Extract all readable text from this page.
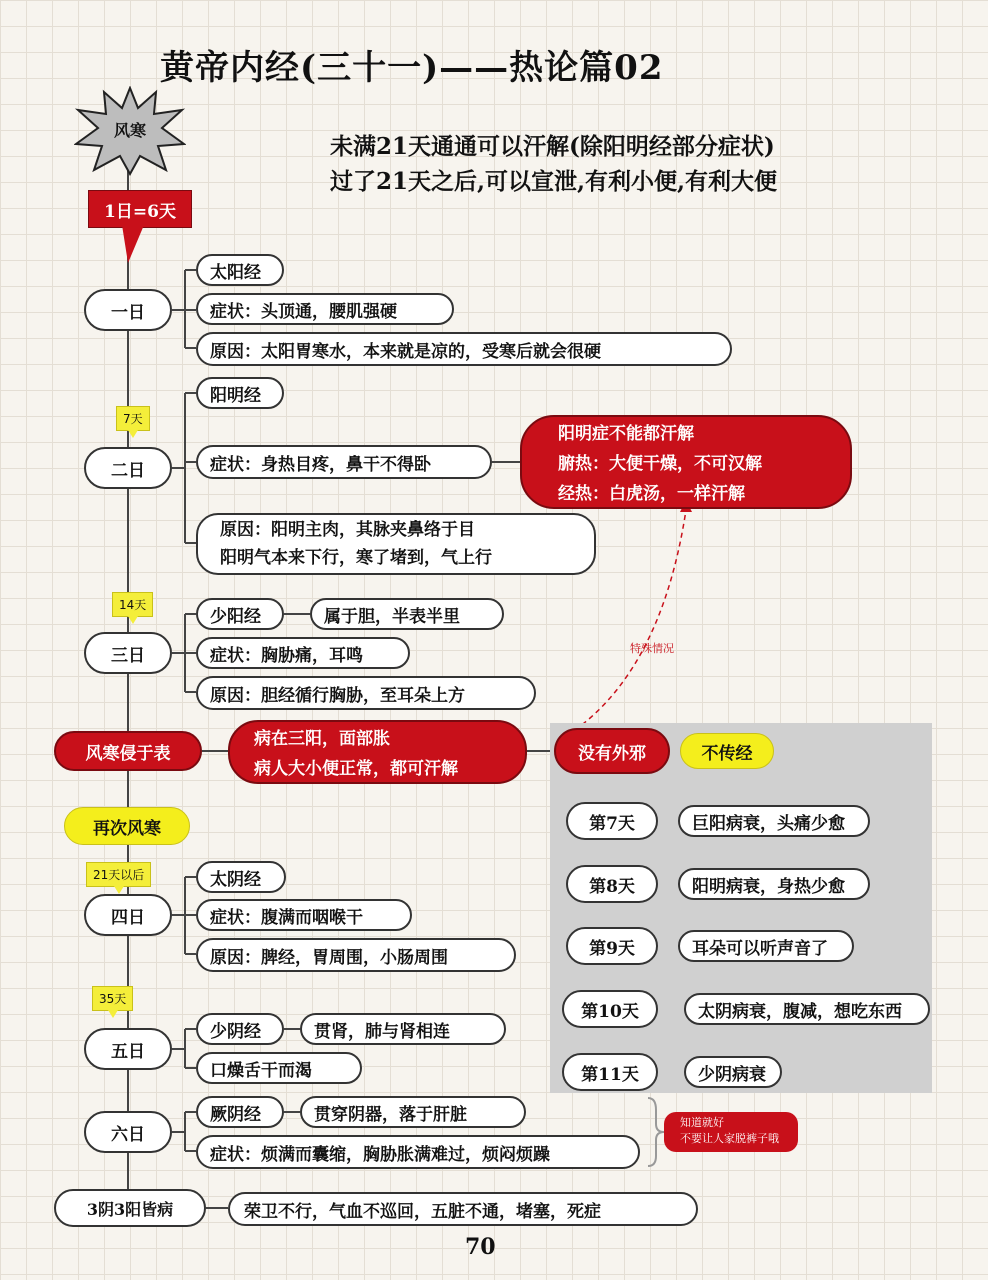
黄帝内经(三十一)——热论篇02
未满21天通通可以汗解(除阳明经部分症状)
过了21天之后,可以宣泄,有利小便,有利大便
风寒
1日=6天
一日
太阳经
症状：头顶通，腰肌强硬
原因：太阳胃寒水，本来就是凉的，受寒后就会很硬
7天
二日
阳明经
症状：身热目疼，鼻干不得卧
原因：阳明主肉，其脉夹鼻络于目
阳明气本来下行，寒了堵到，气上行
阳明症不能都汗解
腑热：大便干燥，不可汉解
经热：白虎汤，一样汗解
14天
三日
少阳经	属于胆，半表半里
症状：胸胁痛，耳鸣
原因：胆经循行胸胁，至耳朵上方
风寒侵于表
病在三阳，面部胀
病人大小便正常，都可汗解
特殊情况
没有外邪	不传经
第7天	巨阳病衰，头痛少愈
第8天	阳明病衰，身热少愈
第9天	耳朵可以听声音了
第10天	太阴病衰，腹减，想吃东西
第11天	少阴病衰
再次风寒
21天以后
四日
太阴经
症状：腹满而咽喉干
原因：脾经，胃周围，小肠周围
35天
五日
少阴经	贯肾，肺与肾相连
口燥舌干而渴
六日
厥阴经	贯穿阴器，落于肝脏
症状：烦满而囊缩，胸胁胀满难过，烦闷烦躁
知道就好
不要让人家脱裤子哦
3阴3阳皆病	荣卫不行，气血不巡回，五脏不通，堵塞，死症
70
